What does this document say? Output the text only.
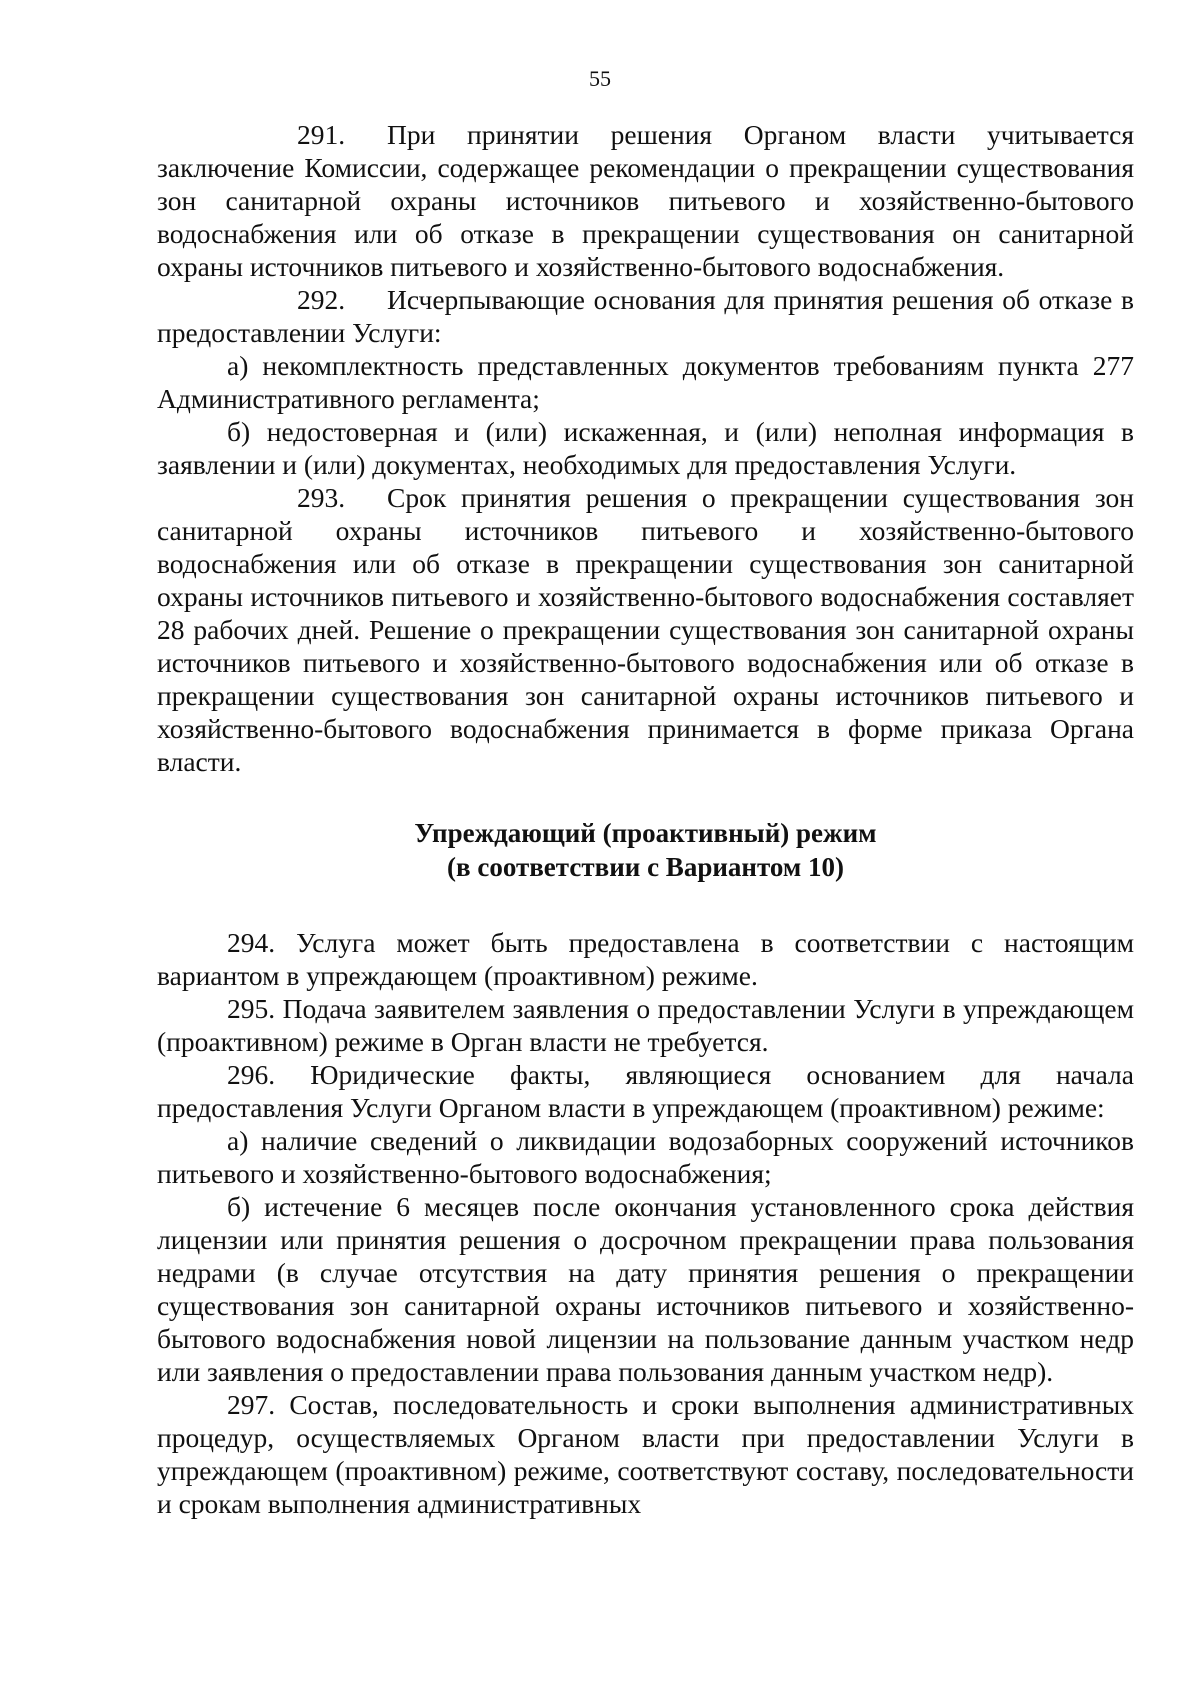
55

291. При принятии решения Органом власти учитывается заключение Комиссии, содержащее рекомендации о прекращении существования зон санитарной охраны источников питьевого и хозяйственно-бытового водоснабжения или об отказе в прекращении существования он санитарной охраны источников питьевого и хозяйственно-бытового водоснабжения.

292. Исчерпывающие основания для принятия решения об отказе в предоставлении Услуги:

а) некомплектность представленных документов требованиям пункта 277 Административного регламента;

б) недостоверная и (или) искаженная, и (или) неполная информация в заявлении и (или) документах, необходимых для предоставления Услуги.

293. Срок принятия решения о прекращении существования зон санитарной охраны источников питьевого и хозяйственно-бытового водоснабжения или об отказе в прекращении существования зон санитарной охраны источников питьевого и хозяйственно-бытового водоснабжения составляет 28 рабочих дней. Решение о прекращении существования зон санитарной охраны источников питьевого и хозяйственно-бытового водоснабжения или об отказе в прекращении существования зон санитарной охраны источников питьевого и хозяйственно-бытового водоснабжения принимается в форме приказа Органа власти.

Упреждающий (проактивный) режим
(в соответствии с Вариантом 10)

294. Услуга может быть предоставлена в соответствии с настоящим вариантом в упреждающем (проактивном) режиме.

295. Подача заявителем заявления о предоставлении Услуги в упреждающем (проактивном) режиме в Орган власти не требуется.

296. Юридические факты, являющиеся основанием для начала предоставления Услуги Органом власти в упреждающем (проактивном) режиме:

а) наличие сведений о ликвидации водозаборных сооружений источников питьевого и хозяйственно-бытового водоснабжения;

б) истечение 6 месяцев после окончания установленного срока действия лицензии или принятия решения о досрочном прекращении права пользования недрами (в случае отсутствия на дату принятия решения о прекращении существования зон санитарной охраны источников питьевого и хозяйственно-бытового водоснабжения новой лицензии на пользование данным участком недр или заявления о предоставлении права пользования данным участком недр).

297. Состав, последовательность и сроки выполнения административных процедур, осуществляемых Органом власти при предоставлении Услуги в упреждающем (проактивном) режиме, соответствуют составу, последовательности и срокам выполнения административных
